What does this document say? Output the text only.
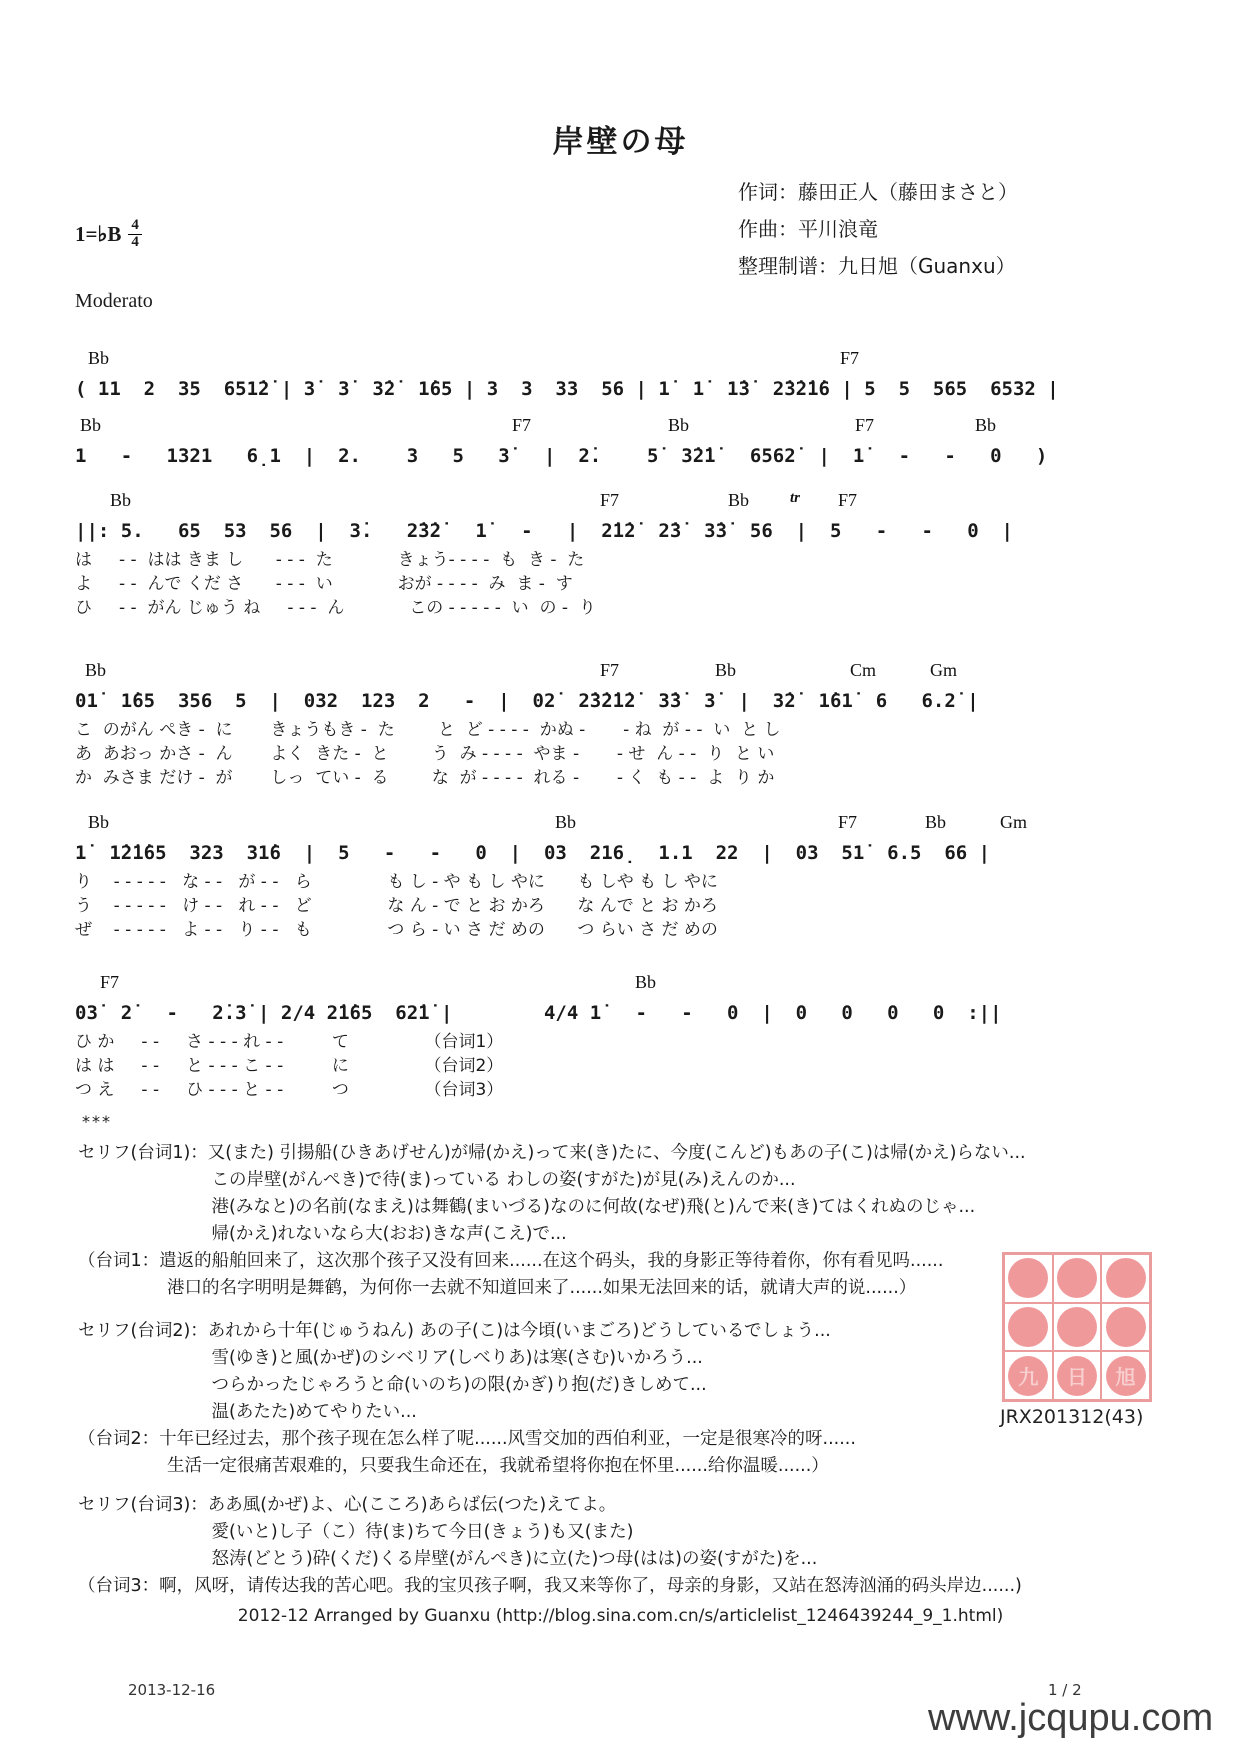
岸壁の母
作词：藤田正人（藤田まさと）
作曲：平川浪竜
整理制谱：九日旭（Guanxu）
1=♭B $\frac{4}{4}$
Moderato
Bb	F7
( 11  2  35  651̇2̇ | 3̇  3̇  3̇2̇  1̇65 | 3  3  33  56 | 1̇  1̇  1̇3̇  2̇3̇2̇1̇6 | 5  5  565  6532 |
Bb	F7	Bb	F7	Bb
1   -   1321   6̣1  |  2.    3   5   3̇   |  2̇.    5̇  3̇2̇1̇   6562̇  |  1̇   -   -   0   )
Bb	F7	Bb	tr F7
||: 5.   65  53  56  |  3̇.   2̇3̇2̇   1̇   -   |  2̇1̇2̇  2̇3̇  3̇3̇  56  |  5   -   -   0  |
は     - -  はは きま し      - - -  た            きょう- - - -  も  き -  た
よ     - -  んで くだ さ      - - -  い            おが - - - -  み  ま -  す
ひ     - -  がん じゅう ね     - - -  ん            この - - - - -  い  の -  り
Bb	F7	Bb	Cm	Gm
01̇  1̇65  356  5  |  032  123  2   -  |  02̇  2̇3̇2̇1̇2̇  3̇3̇  3̇  |  3̇2̇  1̇61̇  6   6.2̇ |
こ  のがん ぺき -  に       きょうもき -  た        と  ど - - - -  かぬ -       - ね  が - -  い  と し
あ  あおっ かさ -  ん       よく  きた -  と        う  み - - - -  やま -       - せ  ん - -  り  と い
か  みさま だけ -  が       しっ  てい -  る        な  が - - - -  れる -       - く  も - -  よ  り か
Bb	Bb	F7	Bb	Gm
1̇  1̇2̇1̇65  323  31̇6  |  5   -   -   0  |  03  216̣  1.1  22  |  03  51̇  6.5  66 |
り    - - - - -   な - -   が - -   ら              も し - や も し やに      も しや も し やに
う    - - - - -   け - -   れ - -   ど              な ん - で と お かろ      な んで と お かろ
ぜ    - - - - -   よ - -   り - -   も              つ ら - い さ だ めの      つ らい さ だ めの
F7	Bb
03̇  2̇   -   2̇.3̇ | 2/4 2̇1̇65  62̇1̇ |        4/4 1̇   -   -   0  |  0   0   0   0  :||
ひ か     - -     さ - - - れ - -         て              （台词1）
は は     - -     と - - - こ - -         に              （台词2）
つ え     - -     ひ - - - と - -         つ              （台词3）
***
セリフ(台词1)：又(また) 引揚船(ひきあげせん)が帰(かえ)って来(き)たに、今度(こんど)もあの子(こ)は帰(かえ)らない...
この岸壁(がんぺき)で待(ま)っている わしの姿(すがた)が見(み)えんのか...
港(みなと)の名前(なまえ)は舞鶴(まいづる)なのに何故(なぜ)飛(と)んで来(き)てはくれぬのじゃ...
帰(かえ)れないなら大(おお)きな声(こえ)で...
（台词1：遣返的船舶回来了，这次那个孩子又没有回来......在这个码头，我的身影正等待着你，你有看见吗......
港口的名字明明是舞鹤，为何你一去就不知道回来了......如果无法回来的话，就请大声的说......）
セリフ(台词2)：あれから十年(じゅうねん) あの子(こ)は今頃(いまごろ)どうしているでしょう...
雪(ゆき)と風(かぜ)のシベリア(しべりあ)は寒(さむ)いかろう...
つらかったじゃろうと命(いのち)の限(かぎ)り抱(だ)きしめて...
温(あたた)めてやりたい...
（台词2：十年已经过去，那个孩子现在怎么样了呢......风雪交加的西伯利亚，一定是很寒冷的呀......
生活一定很痛苦艰难的，只要我生命还在，我就希望将你抱在怀里......给你温暖......）
セリフ(台词3)：ああ風(かぜ)よ、心(こころ)あらば伝(つた)えてよ。
愛(いと)し子（こ）待(ま)ちて今日(きょう)も又(また)
怒涛(どとう)砕(くだ)くる岸壁(がんぺき)に立(た)つ母(はは)の姿(すがた)を...
（台词3：啊，风呀，请传达我的苦心吧。我的宝贝孩子啊，我又来等你了，母亲的身影，又站在怒涛汹涌的码头岸边......)
九	日	旭
JRX201312(43)
2012-12 Arranged by Guanxu (http://blog.sina.com.cn/s/articlelist_1246439244_9_1.html)
2013-12-16	1 / 2
www.jcqupu.com
